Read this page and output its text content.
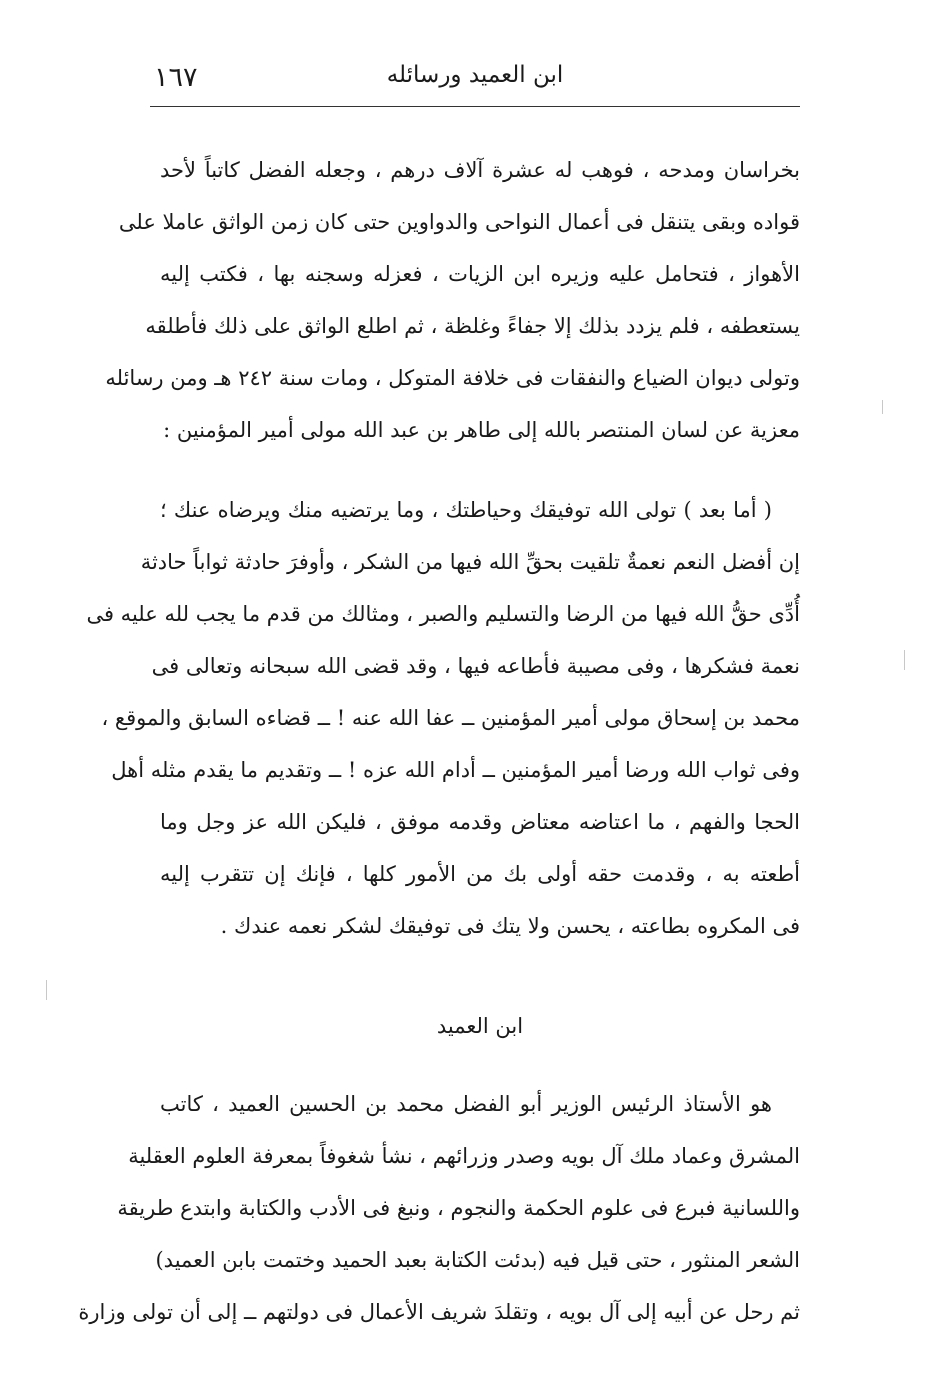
١٦٧	ابن العميد ورسائله
بخراسان ومدحه ، فوهب له عشرة آلاف درهم ، وجعله الفضل كاتباً لأحد
قواده وبقى يتنقل فى أعمال النواحى والدواوين حتى كان زمن الواثق عاملا على
الأهواز ، فتحامل عليه وزيره ابن الزيات ، فعزله وسجنه بها ، فكتب إليه
يستعطفه ، فلم يزدد بذلك إلا جفاءً وغلظة ، ثم اطلع الواثق على ذلك فأطلقه
وتولى ديوان الضياع والنفقات فى خلافة المتوكل ، ومات سنة ٢٤٢ هـ ومن رسائله
معزية عن لسان المنتصر بالله إلى طاهر بن عبد الله مولى أمير المؤمنين :
( أما بعد ) تولى الله توفيقك وحياطتك ، وما يرتضيه منك ويرضاه عنك ؛
إن أفضل النعم نعمةٌ تلقيت بحقِّ الله فيها من الشكر ، وأوفرَ حادثة ثواباً حادثة
أُدِّى حقُّ الله فيها من الرضا والتسليم والصبر ، ومثالك من قدم ما يجب لله عليه فى
نعمة فشكرها ، وفى مصيبة فأطاعه فيها ، وقد قضى الله سبحانه وتعالى فى
محمد بن إسحاق مولى أمير المؤمنين ــ عفا الله عنه ! ــ قضاءه السابق والموقع ،
وفى ثواب الله ورضا أمير المؤمنين ــ أدام الله عزه ! ــ وتقديم ما يقدم مثله أهل
الحجا والفهم ، ما اعتاضه معتاض وقدمه موفق ، فليكن الله عز وجل وما
أطعته به ، وقدمت حقه أولى بك من الأمور كلها ، فإنك إن تتقرب إليه
فى المكروه بطاعته ، يحسن ولا يتك فى توفيقك لشكر نعمه عندك .
ابن العميد
هو الأستاذ الرئيس الوزير أبو الفضل محمد بن الحسين العميد ، كاتب
المشرق وعماد ملك آل بويه وصدر وزرائهم ، نشأ شغوفاً بمعرفة العلوم العقلية
واللسانية فبرع فى علوم الحكمة والنجوم ، ونبغ فى الأدب والكتابة وابتدع طريقة
الشعر المنثور ، حتى قيل فيه (بدئت الكتابة بعبد الحميد وختمت بابن العميد)
ثم رحل عن أبيه إلى آل بويه ، وتقلدَ شريف الأعمال فى دولتهم ــ إلى أن تولى وزارة
